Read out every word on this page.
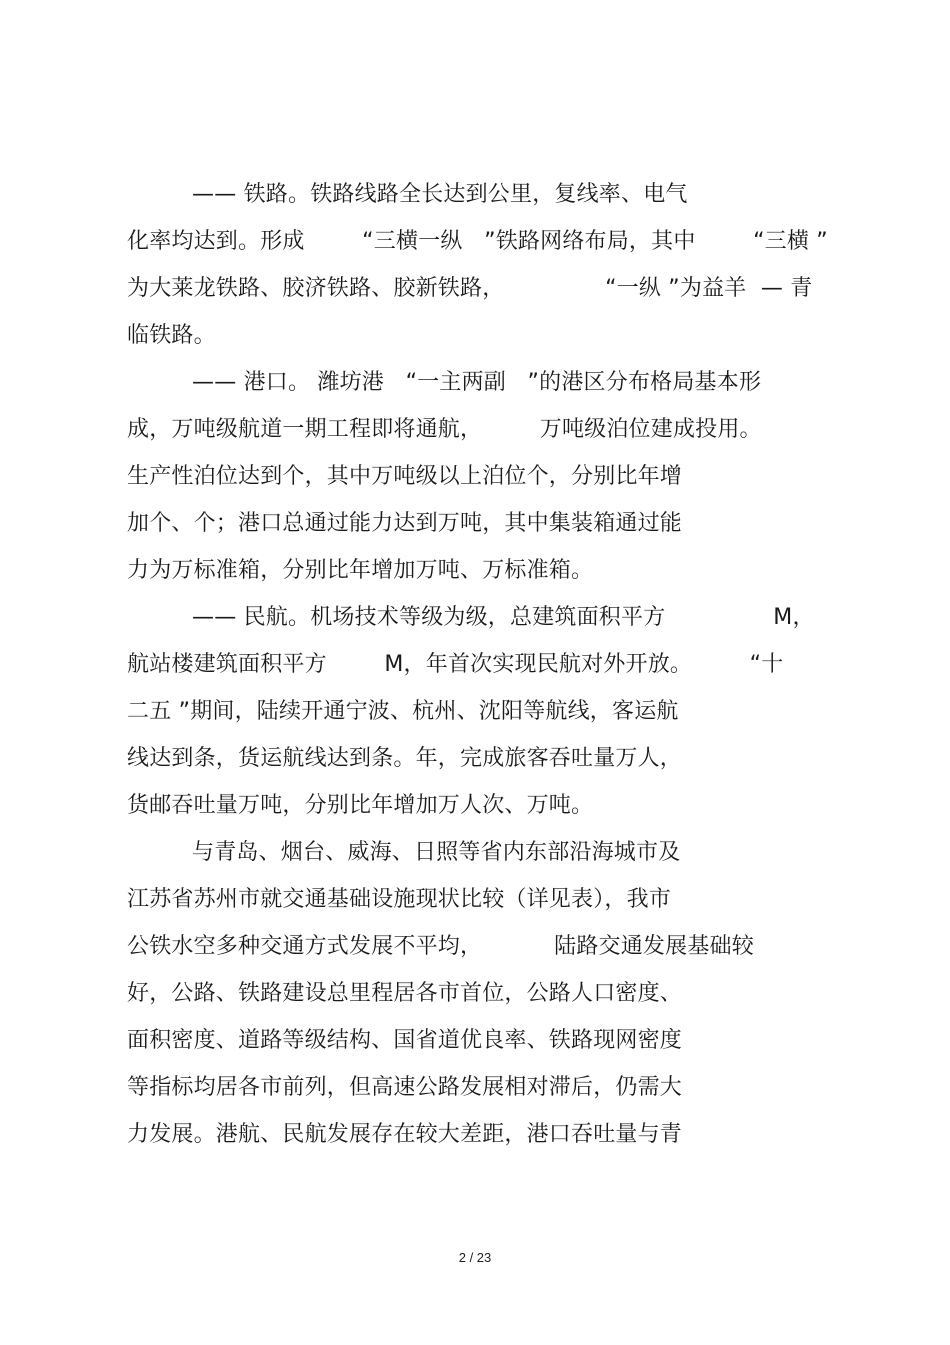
—— 铁路。铁路线路全长达到公里，复线率、电气
化率均达到。形成        “三横一纵   ”铁路网络布局，其中        “三横 ”
为大莱龙铁路、胶济铁路、胶新铁路，              “一纵 ”为益羊  — 青
临铁路。
—— 港口。 潍坊港   “一主两副   ”的港区分布格局基本形
成，万吨级航道一期工程即将通航，        万吨级泊位建成投用。
生产性泊位达到个，其中万吨级以上泊位个，分别比年增
加个、个；港口总通过能力达到万吨，其中集装箱通过能
力为万标准箱，分别比年增加万吨、万标准箱。
—— 民航。机场技术等级为级，总建筑面积平方               M，
航站楼建筑面积平方        M，年首次实现民航对外开放。        “十
二五 ”期间，陆续开通宁波、杭州、沈阳等航线，客运航
线达到条，货运航线达到条。年，完成旅客吞吐量万人，
货邮吞吐量万吨，分别比年增加万人次、万吨。
与青岛、烟台、威海、日照等省内东部沿海城市及
江苏省苏州市就交通基础设施现状比较（详见表），我市
公铁水空多种交通方式发展不平均，          陆路交通发展基础较
好，公路、铁路建设总里程居各市首位，公路人口密度、
面积密度、道路等级结构、国省道优良率、铁路现网密度
等指标均居各市前列，但高速公路发展相对滞后，仍需大
力发展。港航、民航发展存在较大差距，港口吞吐量与青
2 / 23
